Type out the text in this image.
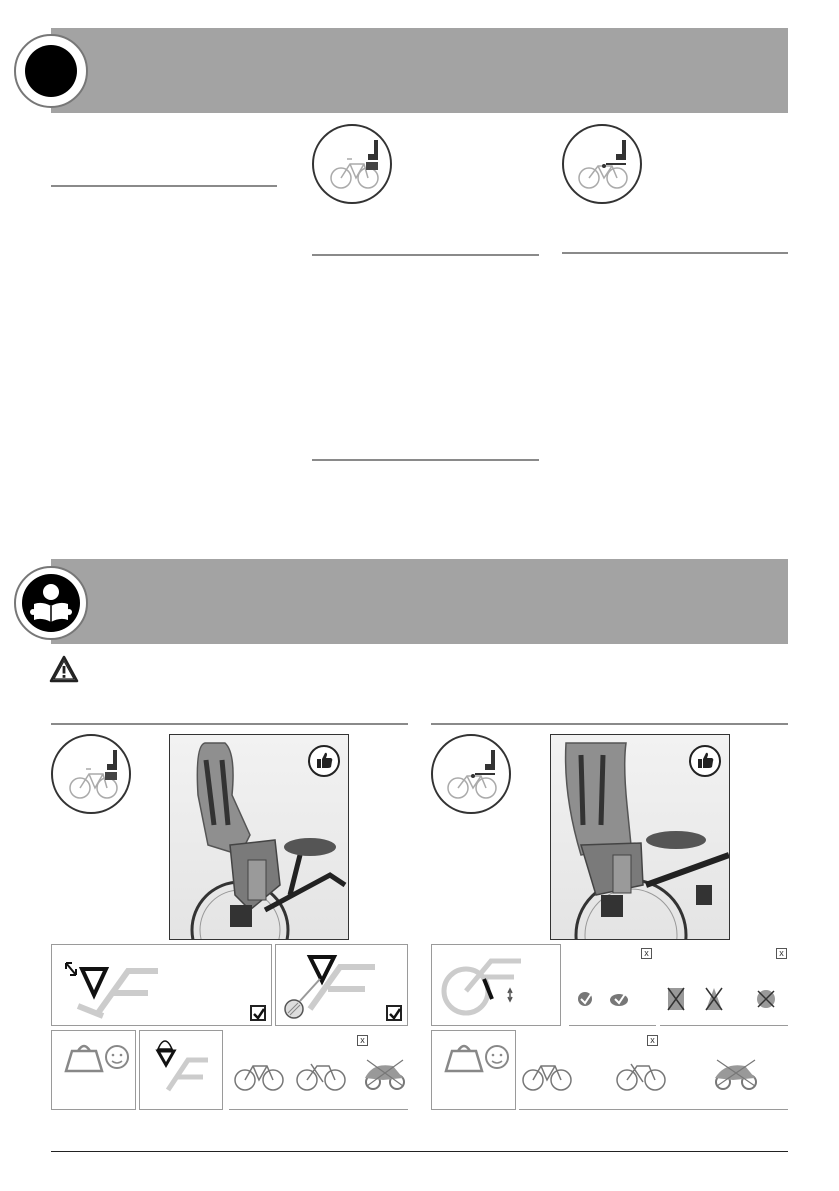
x
x	x
x
